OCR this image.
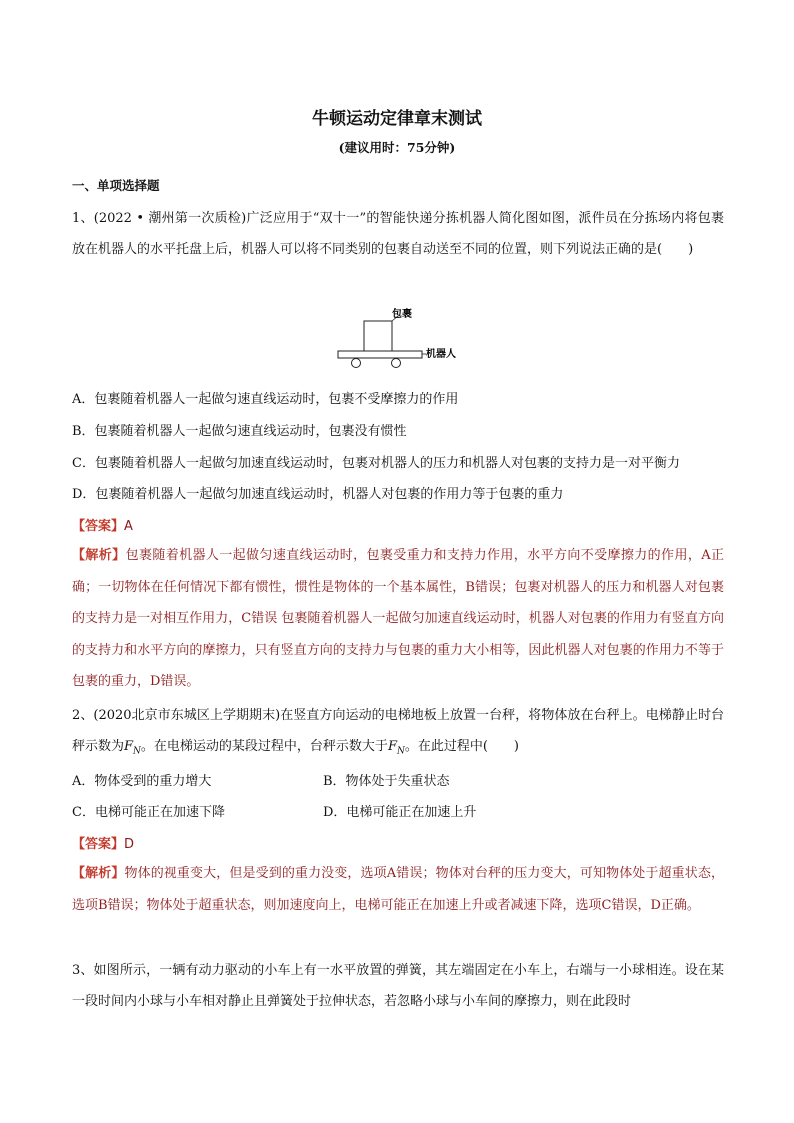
牛顿运动定律章末测试
(建议用时：75分钟)
一、单项选择题
1、(2022 • 潮州第一次质检)广泛应用于“双十一”的智能快递分拣机器人简化图如图，派件员在分拣场内将包裹放在机器人的水平托盘上后，机器人可以将不同类别的包裹自动送至不同的位置，则下列说法正确的是(　　)
包裹
机器人
A．包裹随着机器人一起做匀速直线运动时，包裹不受摩擦力的作用
B．包裹随着机器人一起做匀速直线运动时，包裹没有惯性
C．包裹随着机器人一起做匀加速直线运动时，包裹对机器人的压力和机器人对包裹的支持力是一对平衡力
D．包裹随着机器人一起做匀加速直线运动时，机器人对包裹的作用力等于包裹的重力
【答案】A
【解析】包裹随着机器人一起做匀速直线运动时，包裹受重力和支持力作用，水平方向不受摩擦力的作用，A正确；一切物体在任何情况下都有惯性，惯性是物体的一个基本属性，B错误；包裹对机器人的压力和机器人对包裹的支持力是一对相互作用力，C错误 包裹随着机器人一起做匀加速直线运动时，机器人对包裹的作用力有竖直方向的支持力和水平方向的摩擦力，只有竖直方向的支持力与包裹的重力大小相等，因此机器人对包裹的作用力不等于包裹的重力，D错误。
2、(2020北京市东城区上学期期末)在竖直方向运动的电梯地板上放置一台秤，将物体放在台秤上。电梯静止时台秤示数为$F_N$。在电梯运动的某段过程中，台秤示数大于$F_N$。在此过程中(　　)
A．物体受到的重力增大	B．物体处于失重状态
C．电梯可能正在加速下降	D．电梯可能正在加速上升
【答案】D
【解析】物体的视重变大，但是受到的重力没变，选项A错误；物体对台秤的压力变大，可知物体处于超重状态，选项B错误；物体处于超重状态，则加速度向上，电梯可能正在加速上升或者减速下降，选项C错误，D正确。
3、如图所示，一辆有动力驱动的小车上有一水平放置的弹簧，其左端固定在小车上，右端与一小球相连。设在某一段时间内小球与小车相对静止且弹簧处于拉伸状态，若忽略小球与小车间的摩擦力，则在此段时
